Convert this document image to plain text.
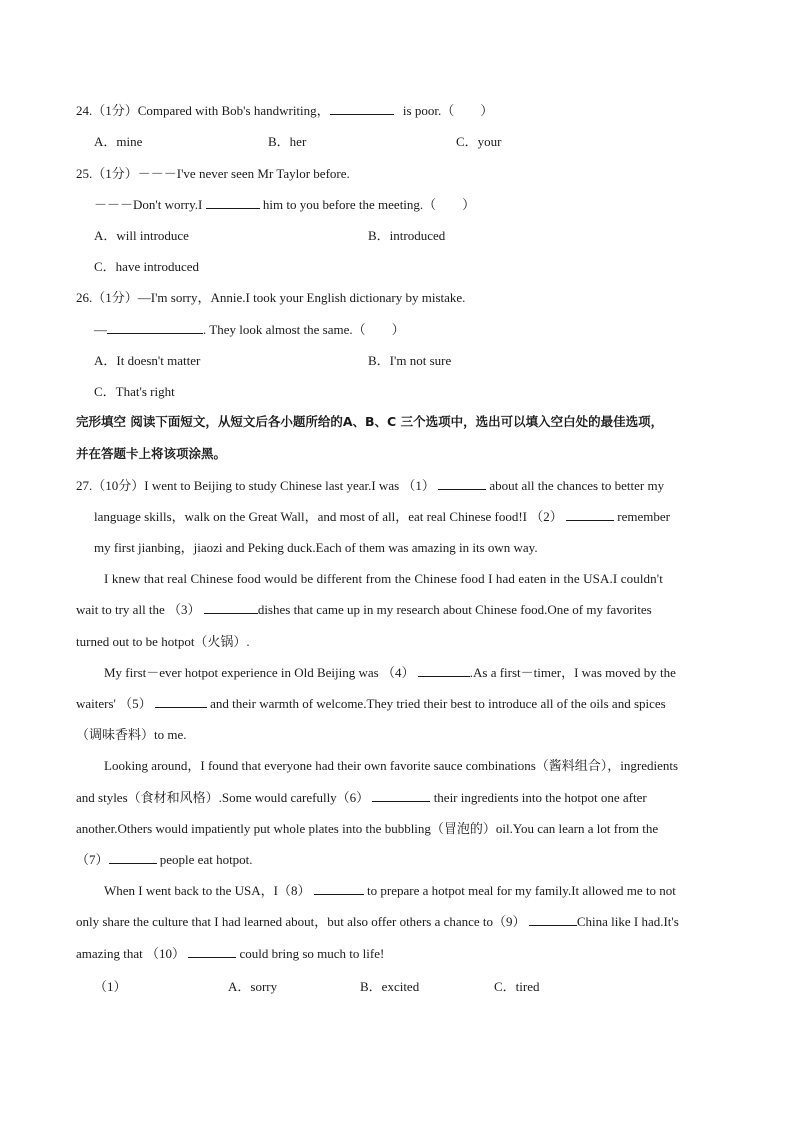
24.（1分）Compared with Bob's handwriting，	is poor.（　　）
A．mine	B．her	C．your
25.（1分）－－－I've never seen Mr Taylor before.
－－－Don't worry.I	him to you before the meeting.（　　）
A．will introduce	B．introduced
C．have introduced
26.（1分）—I'm sorry，Annie.I took your English dictionary by mistake.
—	. They look almost the same.（　　）
A．It doesn't matter	B．I'm not sure
C．That's right
完形填空 阅读下面短文，从短文后各小题所给的A、B、C 三个选项中，选出可以填入空白处的最佳选项，
并在答题卡上将该项涂黑。
27.（10分）I went to Beijing to study Chinese last year.I was （1）	about all the chances to better my
language skills，walk on the Great Wall，and most of all，eat real Chinese food!I （2）	remember
my first jianbing，jiaozi and Peking duck.Each of them was amazing in its own way.
I knew that real Chinese food would be different from the Chinese food I had eaten in the USA.I couldn't
wait to try all the （3）	dishes that came up in my research about Chinese food.One of my favorites
turned out to be hotpot（火锅）.
My first－ever hotpot experience in Old Beijing was （4）	.As a first－timer，I was moved by the
waiters' （5）	and their warmth of welcome.They tried their best to introduce all of the oils and spices
（调味香料）to me.
Looking around，I found that everyone had their own favorite sauce combinations（酱料组合），ingredients
and styles（食材和风格）.Some would carefully（6）	their ingredients into the hotpot one after
another.Others would impatiently put whole plates into the bubbling（冒泡的）oil.You can learn a lot from the
（7）	people eat hotpot.
When I went back to the USA，I（8）	to prepare a hotpot meal for my family.It allowed me to not
only share the culture that I had learned about，but also offer others a chance to（9）	China like I had.It's
amazing that （10）	could bring so much to life!
（1）	A．sorry	B．excited	C．tired
